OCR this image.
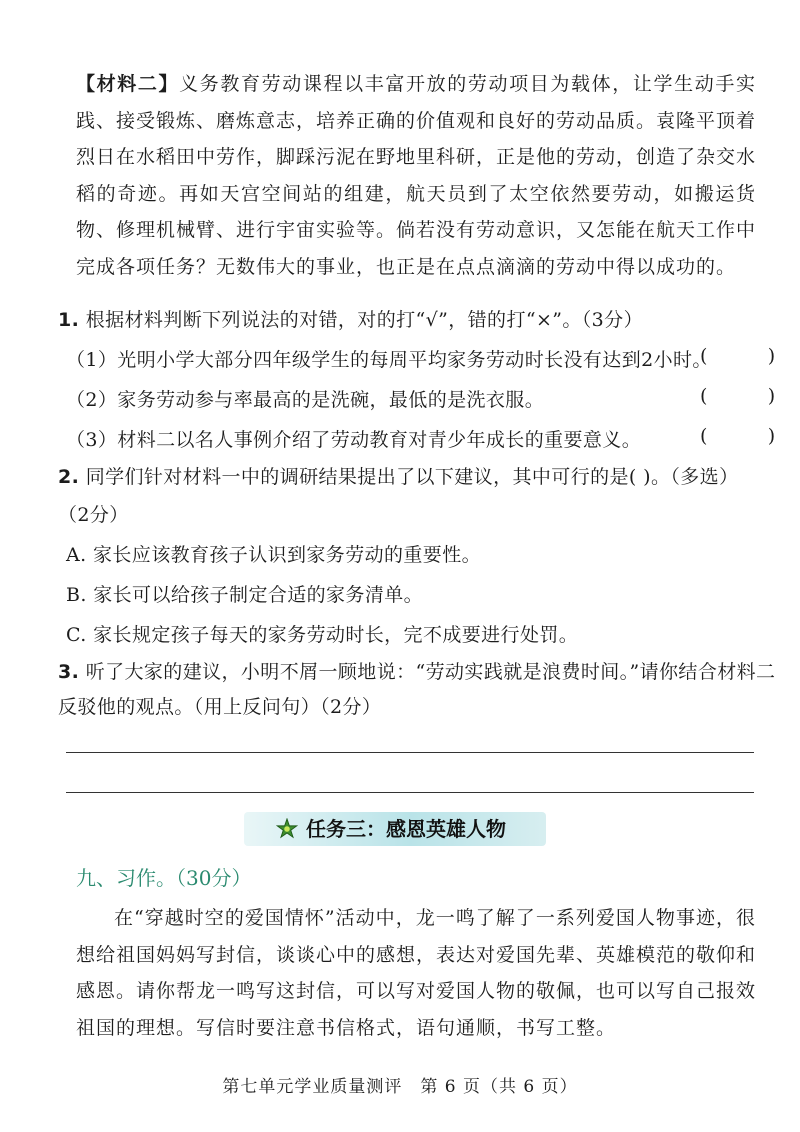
【材料二】义务教育劳动课程以丰富开放的劳动项目为载体，让学生动手实践、接受锻炼、磨炼意志，培养正确的价值观和良好的劳动品质。袁隆平顶着烈日在水稻田中劳作，脚踩污泥在野地里科研，正是他的劳动，创造了杂交水稻的奇迹。再如天宫空间站的组建，航天员到了太空依然要劳动，如搬运货物、修理机械臂、进行宇宙实验等。倘若没有劳动意识，又怎能在航天工作中完成各项任务？无数伟大的事业，也正是在点点滴滴的劳动中得以成功的。
1. 根据材料判断下列说法的对错，对的打“√”，错的打“×”。（3分）
（1）光明小学大部分四年级学生的每周平均家务劳动时长没有达到2小时。
(          )
（2）家务劳动参与率最高的是洗碗，最低的是洗衣服。	(          )
（3）材料二以名人事例介绍了劳动教育对青少年成长的重要意义。	(          )
2. 同学们针对材料一中的调研结果提出了以下建议，其中可行的是( )。（多选）
（2分）
A. 家长应该教育孩子认识到家务劳动的重要性。
B. 家长可以给孩子制定合适的家务清单。
C. 家长规定孩子每天的家务劳动时长，完不成要进行处罚。
3. 听了大家的建议，小明不屑一顾地说：“劳动实践就是浪费时间。”请你结合材料二
反驳他的观点。（用上反问句）（2分）
任务三：感恩英雄人物
九、习作。（30分）
在“穿越时空的爱国情怀”活动中，龙一鸣了解了一系列爱国人物事迹，很想给祖国妈妈写封信，谈谈心中的感想，表达对爱国先辈、英雄模范的敬仰和感恩。请你帮龙一鸣写这封信，可以写对爱国人物的敬佩，也可以写自己报效祖国的理想。写信时要注意书信格式，语句通顺，书写工整。
第七单元学业质量测评　第 6 页（共 6 页）
